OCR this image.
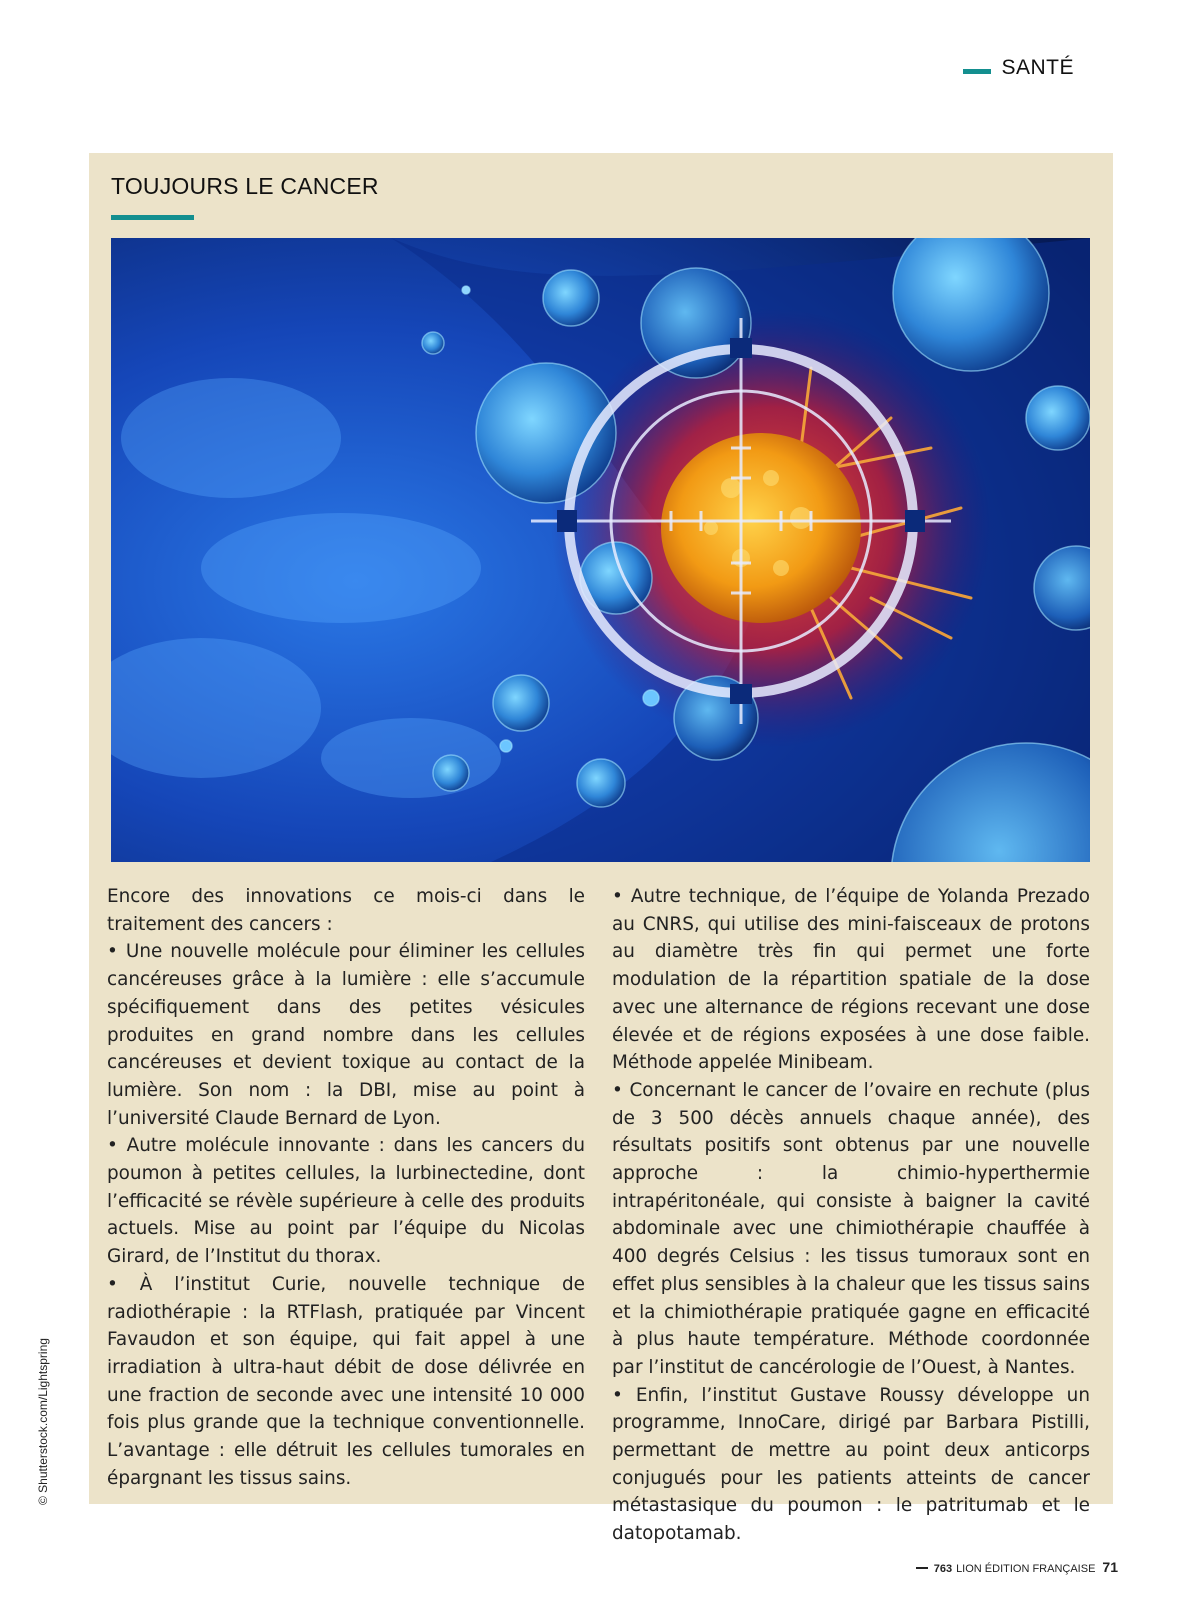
SANTÉ
TOUJOURS LE CANCER

Encore des innovations ce mois-ci dans le traitement des cancers :

• Une nouvelle molécule pour éliminer les cellules cancéreuses grâce à la lumière : elle s’accumule spécifiquement dans des petites vésicules produites en grand nombre dans les cellules cancéreuses et devient toxique au contact de la lumière. Son nom : la DBI, mise au point à l’université Claude Bernard de Lyon.

• Autre molécule innovante : dans les cancers du poumon à petites cellules, la lurbinectedine, dont l’efficacité se révèle supérieure à celle des produits actuels. Mise au point par l’équipe du Nicolas Girard, de l’Institut du thorax.

• À l’institut Curie, nouvelle technique de radiothérapie : la RTFlash, pratiquée par Vincent Favaudon et son équipe, qui fait appel à une irradiation à ultra-haut débit de dose délivrée en une fraction de seconde avec une intensité 10 000 fois plus grande que la technique conventionnelle. L’avantage : elle détruit les cellules tumorales en épargnant les tissus sains.

• Autre technique, de l’équipe de Yolanda Prezado au CNRS, qui utilise des mini-faisceaux de protons au diamètre très fin qui permet une forte modulation de la répartition spatiale de la dose avec une alternance de régions recevant une dose élevée et de régions exposées à une dose faible. Méthode appelée Minibeam.

• Concernant le cancer de l’ovaire en rechute (plus de 3 500 décès annuels chaque année), des résultats positifs sont obtenus par une nouvelle approche : la chimio-hyperthermie intrapéritonéale, qui consiste à baigner la cavité abdominale avec une chimiothérapie chauffée à 400 degrés Celsius : les tissus tumoraux sont en effet plus sensibles à la chaleur que les tissus sains et la chimiothérapie pratiquée gagne en efficacité à plus haute température. Méthode coordonnée par l’institut de cancérologie de l’Ouest, à Nantes.

• Enfin, l’institut Gustave Roussy développe un programme, InnoCare, dirigé par Barbara Pistilli, permettant de mettre au point deux anticorps conjugués pour les patients atteints de cancer métastasique du poumon : le patritumab et le datopotamab.

© Shutterstock.com/Lightspring
763 LION ÉDITION FRANÇAISE 71
